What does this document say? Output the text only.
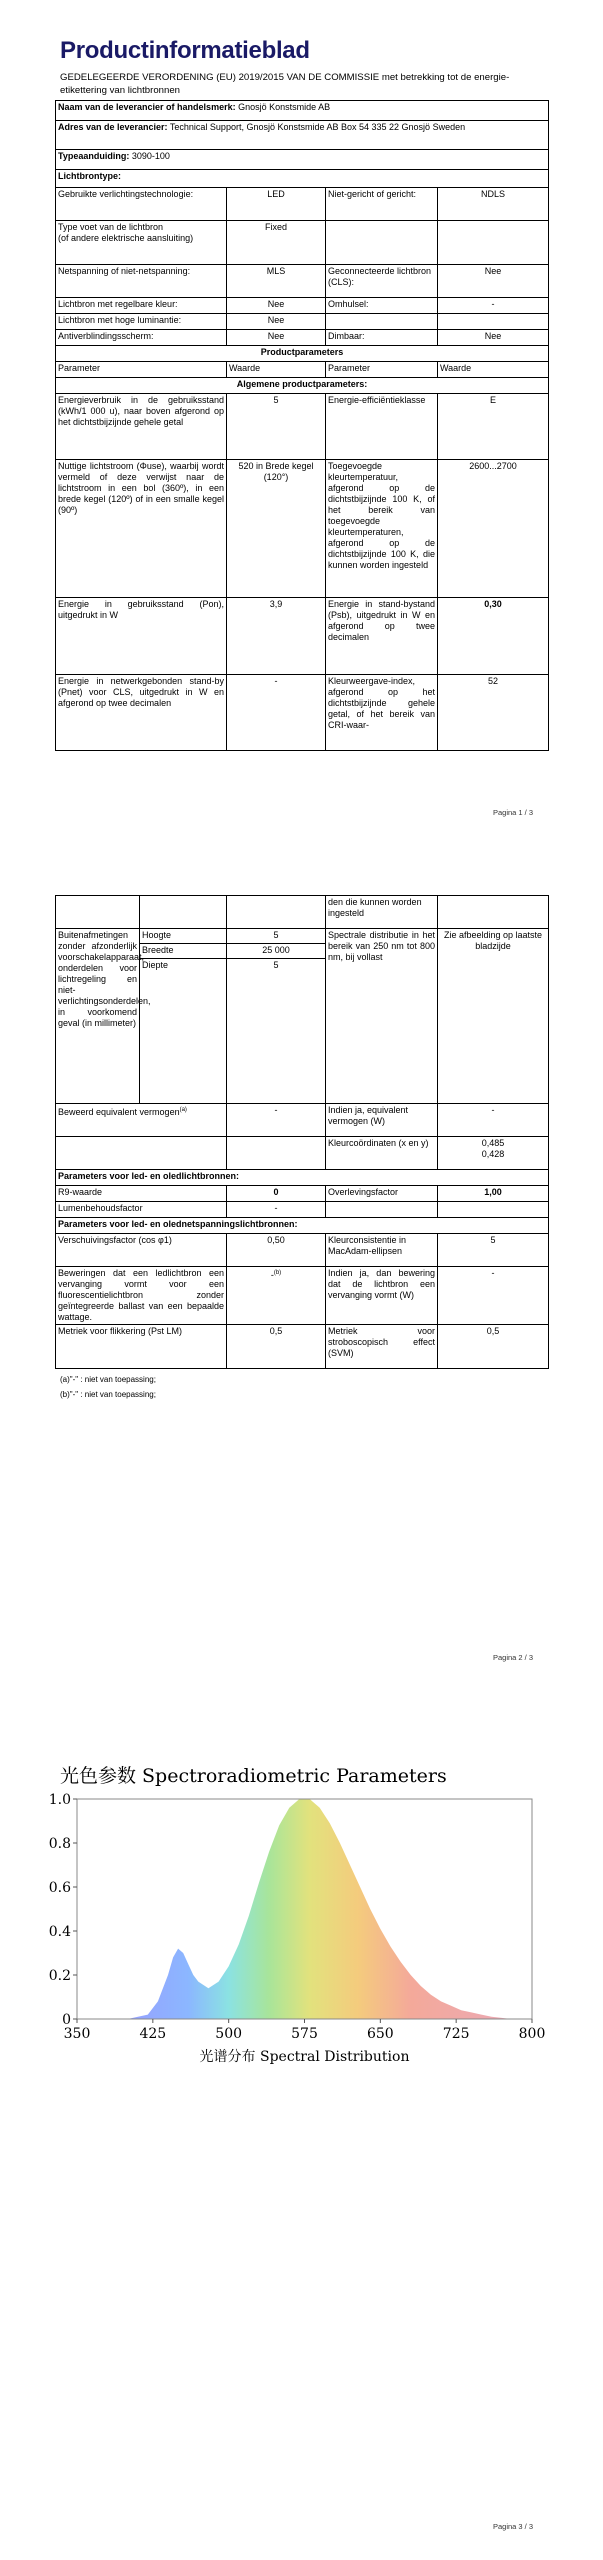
Productinformatieblad
GEDELEGEERDE VERORDENING (EU) 2019/2015 VAN DE COMMISSIE met betrekking tot de energie-etikettering van lichtbronnen
Naam van de leverancier of handelsmerk: Gnosjö Konstsmide AB			
Adres van de leverancier: Technical Support, Gnosjö Konstsmide AB Box 54 335 22 Gnosjö Sweden			
Typeaanduiding: 3090-100			
Lichtbrontype:			
Gebruikte verlichtingstechnologie:	LED	Niet-gericht of gericht:	NDLS

Type voet van de lichtbron
(of andere elektrische aansluiting)	Fixed		
Netspanning of niet-netspanning:	MLS	Geconnecteerde lichtbron (CLS):	Nee
Lichtbron met regelbare kleur:	Nee	Omhulsel:	-
Lichtbron met hoge luminantie:	Nee		
Antiverblindingsscherm:	Nee	Dimbaar:	Nee
Productparameters			
Parameter	Waarde	Parameter	Waarde
Algemene productparameters:			
Energieverbruik in de gebruiksstand (kWh/1 000 u), naar boven afgerond op het dichtstbijzijnde gehele getal	5	Energie-efficiëntieklasse	E
Nuttige lichtstroom (Φuse), waarbij wordt vermeld of deze verwijst naar de lichtstroom in een bol (360º), in een brede kegel (120º) of in een smalle kegel (90º)	520 in Brede kegel (120°)	Toegevoegde kleurtemperatuur, afgerond op de dichtstbijzijnde 100 K, of het bereik van toegevoegde kleurtemperaturen, afgerond op de dichtstbijzijnde 100 K, die kunnen worden ingesteld	2600...2700
Energie in gebruiksstand (Pon), uitgedrukt in W	3,9	Energie in stand-bystand (Psb), uitgedrukt in W en afgerond op twee decimalen	0,30
Energie in netwerkgebonden stand-by (Pnet) voor CLS, uitgedrukt in W en afgerond op twee decimalen	-	Kleurweergave-index, afgerond op het dichtstbijzijnde gehele getal, of het bereik van CRI-waar-	52
Pagina 1 / 3
			den die kunnen worden ingesteld	
Buitenafmetingen zonder afzonderlijk voorschakelapparaat, onderdelen voor lichtregeling en niet-verlichtingsonderdelen, in voorkomend geval (in millimeter)	Hoogte	5	Spectrale distributie in het bereik van 250 nm tot 800 nm, bij vollast	Zie afbeelding op laatste bladzijde
	Breedte	25 000		
	Diepte	5		
Beweerd equivalent vermogen$^{(a)}$		-	Indien ja, equivalent vermogen (W)	-
			Kleurcoördinaten (x en y)	0,485
0,428

Parameters voor led- en oledlichtbronnen:				
R9-waarde		0	Overlevingsfactor	1,00
Lumenbehoudsfactor		-		
Parameters voor led- en olednetspanningslichtbronnen:				
Verschuivingsfactor (cos φ1)		0,50	Kleurconsistentie in MacAdam-ellipsen	5
Beweringen dat een ledlichtbron een vervanging vormt voor een fluorescentielichtbron zonder geïntegreerde ballast van een bepaalde wattage.		-$^{(b)}$	Indien ja, dan bewering dat de lichtbron een vervanging vormt (W)	-
Metriek voor flikkering (Pst LM)		0,5	Metriek voor stroboscopisch effect (SVM)	0,5
(a)"-" : niet van toepassing;
(b)"-" : niet van toepassing;
Pagina 2 / 3
光色参数 Spectroradiometric Parameters
0
0.2
0.4
0.6
0.8
1.0
350	425	500	575	650	725	800
光谱分布 Spectral Distribution
Pagina 3 / 3
